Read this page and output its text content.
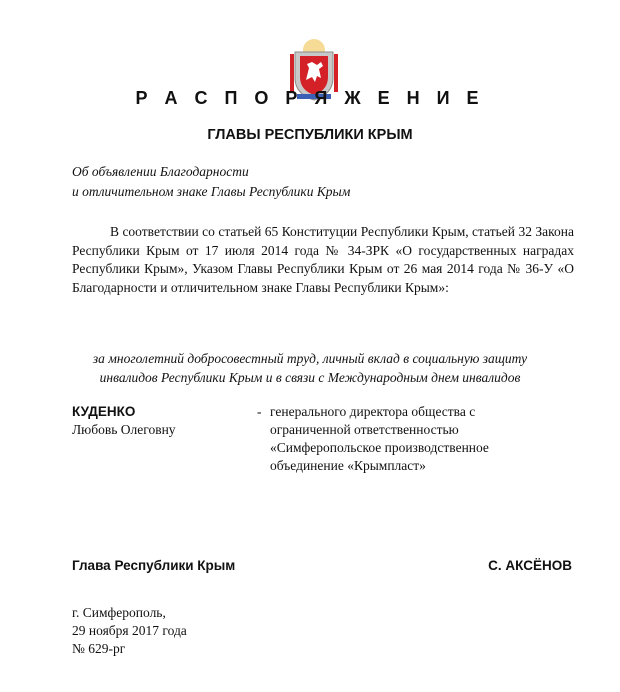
Р А С П О Р Я Ж Е Н И Е
ГЛАВЫ РЕСПУБЛИКИ КРЫМ
Об объявлении Благодарности
и отличительном знаке Главы Республики Крым
В соответствии со статьей 65 Конституции Республики Крым, статьей 32 Закона Республики Крым от 17 июля 2014 года № 34-ЗРК «О государственных наградах Республики Крым», Указом Главы Республики Крым от 26 мая 2014 года № 36-У «О Благодарности и отличительном знаке Главы Республики Крым»:
за многолетний добросовестный труд, личный вклад в социальную защиту
инвалидов Республики Крым и в связи с Международным днем инвалидов
КУДЕНКО
Любовь Олеговну
- генерального директора общества с
ограниченной ответственностью
«Симферопольское производственное
объединение «Крымпласт»
Глава Республики Крым	С. АКСЁНОВ
г. Симферополь,
29 ноября 2017 года
№ 629-рг
